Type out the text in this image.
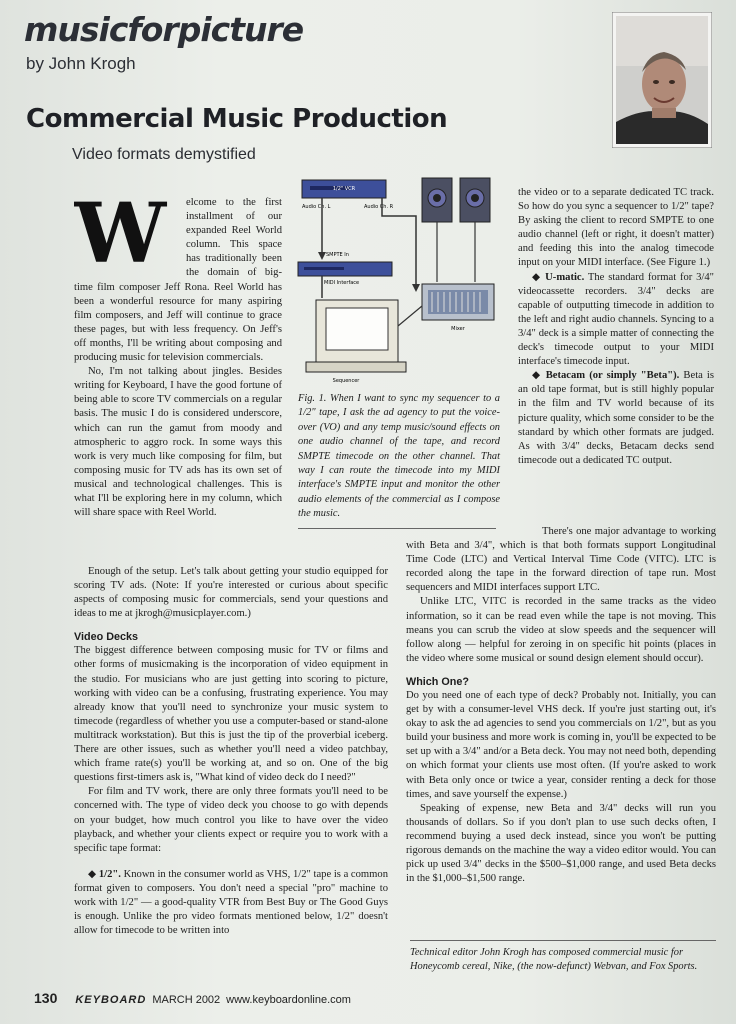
musicforpicture
by John Krogh
Commercial Music Production
Video formats demystified
W	elcome to the first installment of our expanded Reel World column. This space has traditionally been the domain of big-time film composer Jeff Rona. Reel World has been a wonderful resource for many aspiring film composers, and Jeff will continue to grace these pages, but with less frequency. On Jeff's off months, I'll be writing about composing and producing music for television commercials.

No, I'm not talking about jingles. Besides writing for Keyboard, I have the good fortune of being able to score TV commercials on a regular basis. The music I do is considered underscore, which can run the gamut from moody and atmospheric to aggro rock. In some ways this work is very much like composing for film, but composing music for TV ads has its own set of musical and technological challenges. This is what I'll be exploring here in my column, which will share space with Reel World.

1/2" VCR
Audio Ch. L	Audio Ch. R
SMPTE In
MIDI Interface
Mixer
Sequencer
Fig. 1. When I want to sync my sequencer to a 1/2" tape, I ask the ad agency to put the voice-over (VO) and any temp music/sound effects on one audio channel of the tape, and record SMPTE timecode on the other channel. That way I can route the timecode into my MIDI interface's SMPTE input and monitor the other audio elements of the commercial as I compose the music.

the video or to a separate dedicated TC track. So how do you sync a sequencer to 1/2" tape? By asking the client to record SMPTE to one audio channel (left or right, it doesn't matter) and feeding this into the analog timecode input on your MIDI interface. (See Figure 1.)

◆ U-matic. The standard format for 3/4" videocassette recorders. 3/4" decks are capable of outputting timecode in addition to the left and right audio channels. Syncing to a 3/4" deck is a simple matter of connecting the deck's timecode output to your MIDI interface's timecode input.

◆ Betacam (or simply "Beta"). Beta is an old tape format, but is still highly popular in the film and TV world because of its picture quality, which some consider to be the standard by which other formats are judged. As with 3/4" decks, Betacam decks send timecode out a dedicated TC output.

Enough of the setup. Let's talk about getting your studio equipped for scoring TV ads. (Note: If you're interested or curious about specific aspects of composing music for commercials, send your questions and ideas to me at jkrogh@musicplayer.com.)

Video Decks

The biggest difference between composing music for TV or films and other forms of musicmaking is the incorporation of video equipment in the studio. For musicians who are just getting into scoring to picture, working with video can be a confusing, frustrating experience. You may already know that you'll need to synchronize your music system to timecode (regardless of whether you use a computer-based or stand-alone multitrack workstation). But this is just the tip of the proverbial iceberg. There are other issues, such as whether you'll need a video patchbay, which frame rate(s) you'll be working at, and so on. One of the big questions first-timers ask is, "What kind of video deck do I need?"

For film and TV work, there are only three formats you'll need to be concerned with. The type of video deck you choose to go with depends on your budget, how much control you like to have over the video playback, and whether your clients expect or require you to work with a specific tape format:

◆ 1/2". Known in the consumer world as VHS, 1/2" tape is a common format given to composers. You don't need a special "pro" machine to work with 1/2" — a good-quality VTR from Best Buy or The Good Guys is enough. Unlike the pro video formats mentioned below, 1/2" doesn't allow for timecode to be written into

There's one major advantage to working with Beta and 3/4", which is that both formats support Longitudinal Time Code (LTC) and Vertical Interval Time Code (VITC). LTC is recorded along the tape in the forward direction of tape run. Most sequencers and MIDI interfaces support LTC.

Unlike LTC, VITC is recorded in the same tracks as the video information, so it can be read even while the tape is not moving. This means you can scrub the video at slow speeds and the sequencer will follow along — helpful for zeroing in on specific hit points (places in the video where some musical or sound design element should occur).

Which One?

Do you need one of each type of deck? Probably not. Initially, you can get by with a consumer-level VHS deck. If you're just starting out, it's okay to ask the ad agencies to send you commercials on 1/2", but as you build your business and more work is coming in, you'll be expected to be set up with a 3/4" and/or a Beta deck. You may not need both, depending on which format your clients use most often. (If you're asked to work with Beta only once or twice a year, consider renting a deck for those times, and save yourself the expense.)

Speaking of expense, new Beta and 3/4" decks will run you thousands of dollars. So if you don't plan to use such decks often, I recommend buying a used deck instead, since you won't be putting rigorous demands on the machine the way a video editor would. You can pick up used 3/4" decks in the $500–$1,000 range, and used Beta decks in the $1,000–$1,500 range.

Technical editor John Krogh has composed commercial music for Honeycomb cereal, Nike, (the now-defunct) Webvan, and Fox Sports.
130 KEYBOARD MARCH 2002 www.keyboardonline.com
